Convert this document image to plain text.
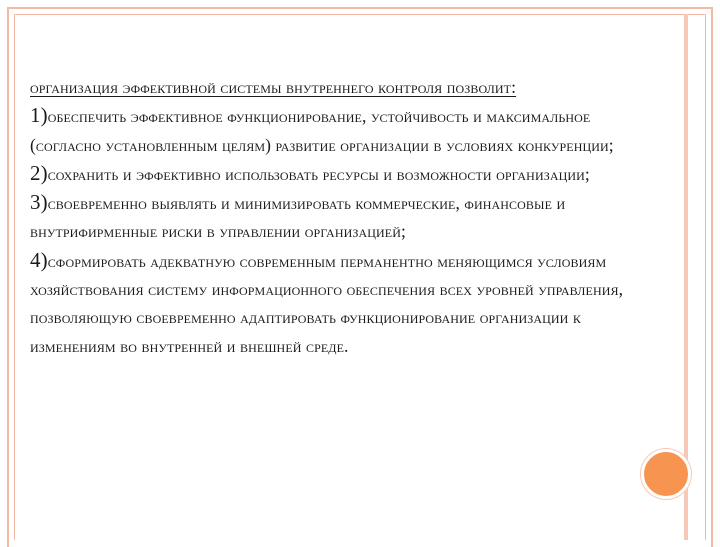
организация эффективной системы внутреннего контроля позволит:

1)обеспечить эффективное функционирование, устойчивость и максимальное (согласно установленным целям) развитие организации в условиях конкуренции;

2)сохранить и эффективно использовать ресурсы и возможности организации;

3)своевременно выявлять и минимизировать коммерческие, финансовые и внутрифирменные риски в управлении организацией;

4)сформировать адекватную современным перманентно меняющимся условиям хозяйствования систему информационного обеспечения всех уровней управления, позволяющую своевременно адаптировать функционирование организации к изменениям во внутренней и внешней среде.
